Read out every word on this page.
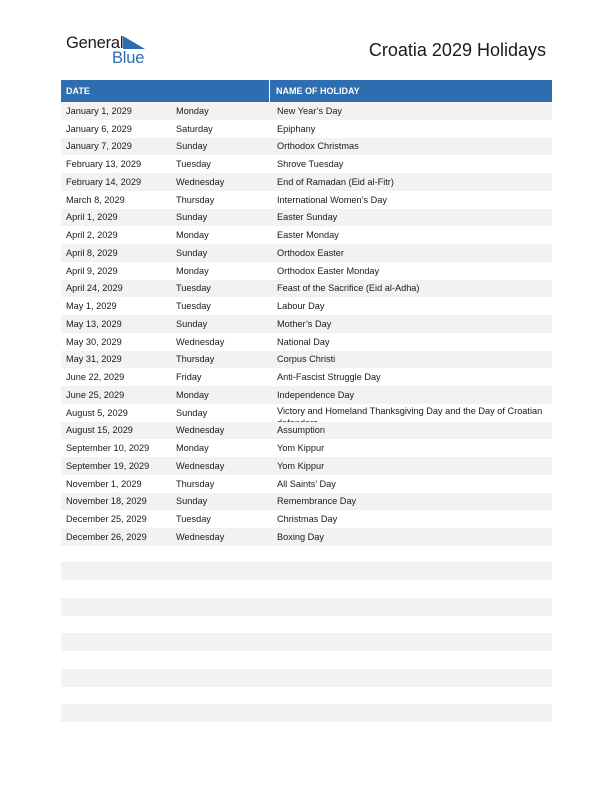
General
Blue	Croatia 2029 Holidays
DATE	NAME OF HOLIDAY
January 1, 2029	Monday	New Year’s Day
January 6, 2029	Saturday	Epiphany
January 7, 2029	Sunday	Orthodox Christmas
February 13, 2029	Tuesday	Shrove Tuesday
February 14, 2029	Wednesday	End of Ramadan (Eid al-Fitr)
March 8, 2029	Thursday	International Women’s Day
April 1, 2029	Sunday	Easter Sunday
April 2, 2029	Monday	Easter Monday
April 8, 2029	Sunday	Orthodox Easter
April 9, 2029	Monday	Orthodox Easter Monday
April 24, 2029	Tuesday	Feast of the Sacrifice (Eid al-Adha)
May 1, 2029	Tuesday	Labour Day
May 13, 2029	Sunday	Mother’s Day
May 30, 2029	Wednesday	National Day
May 31, 2029	Thursday	Corpus Christi
June 22, 2029	Friday	Anti-Fascist Struggle Day
June 25, 2029	Monday	Independence Day
August 5, 2029	Sunday	Victory and Homeland Thanksgiving Day and the Day of Croatian
August 15, 2029	Wednesday	Assumption
September 10, 2029	Monday	Yom Kippur
September 19, 2029	Wednesday	Yom Kippur
November 1, 2029	Thursday	All Saints’ Day
November 18, 2029	Sunday	Remembrance Day
December 25, 2029	Tuesday	Christmas Day
December 26, 2029	Wednesday	Boxing Day
